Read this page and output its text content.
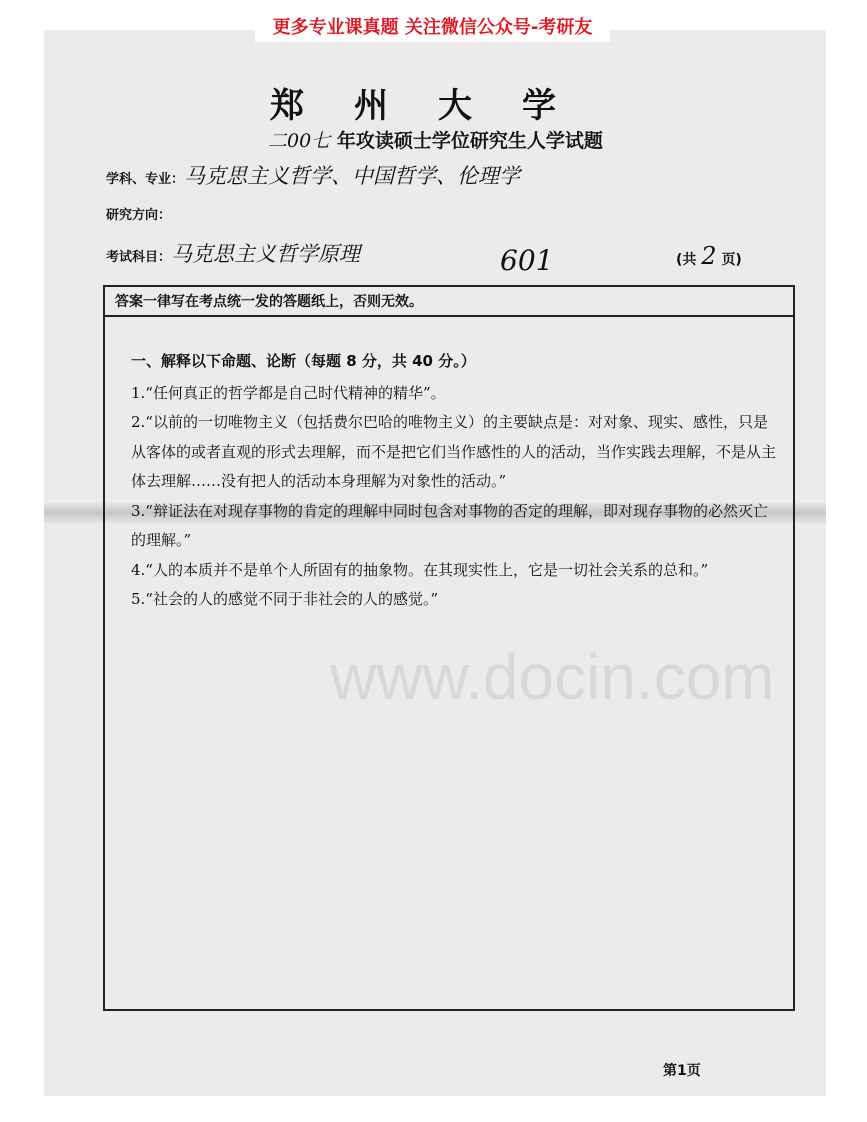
更多专业课真题 关注微信公众号-考研友
郑州大学
二00七 年攻读硕士学位研究生人学试题
学科、专业：马克思主义哲学、中国哲学、伦理学
研究方向：
考试科目：马克思主义哲学原理	601	(共 2 页)
答案一律写在考点统一发的答题纸上，否则无效。

一、解释以下命题、论断（每题 8 分，共 40 分。）

1.“任何真正的哲学都是自己时代精神的精华”。

2.“以前的一切唯物主义（包括费尔巴哈的唯物主义）的主要缺点是：对对象、现实、感性，只是从客体的或者直观的形式去理解，而不是把它们当作感性的人的活动，当作实践去理解，不是从主体去理解……没有把人的活动本身理解为对象性的活动。”

3.“辩证法在对现存事物的肯定的理解中同时包含对事物的否定的理解，即对现存事物的必然灭亡的理解。”

4.“人的本质并不是单个人所固有的抽象物。在其现实性上，它是一切社会关系的总和。”

5.“社会的人的感觉不同于非社会的人的感觉。”

www.docin.com
第1页
